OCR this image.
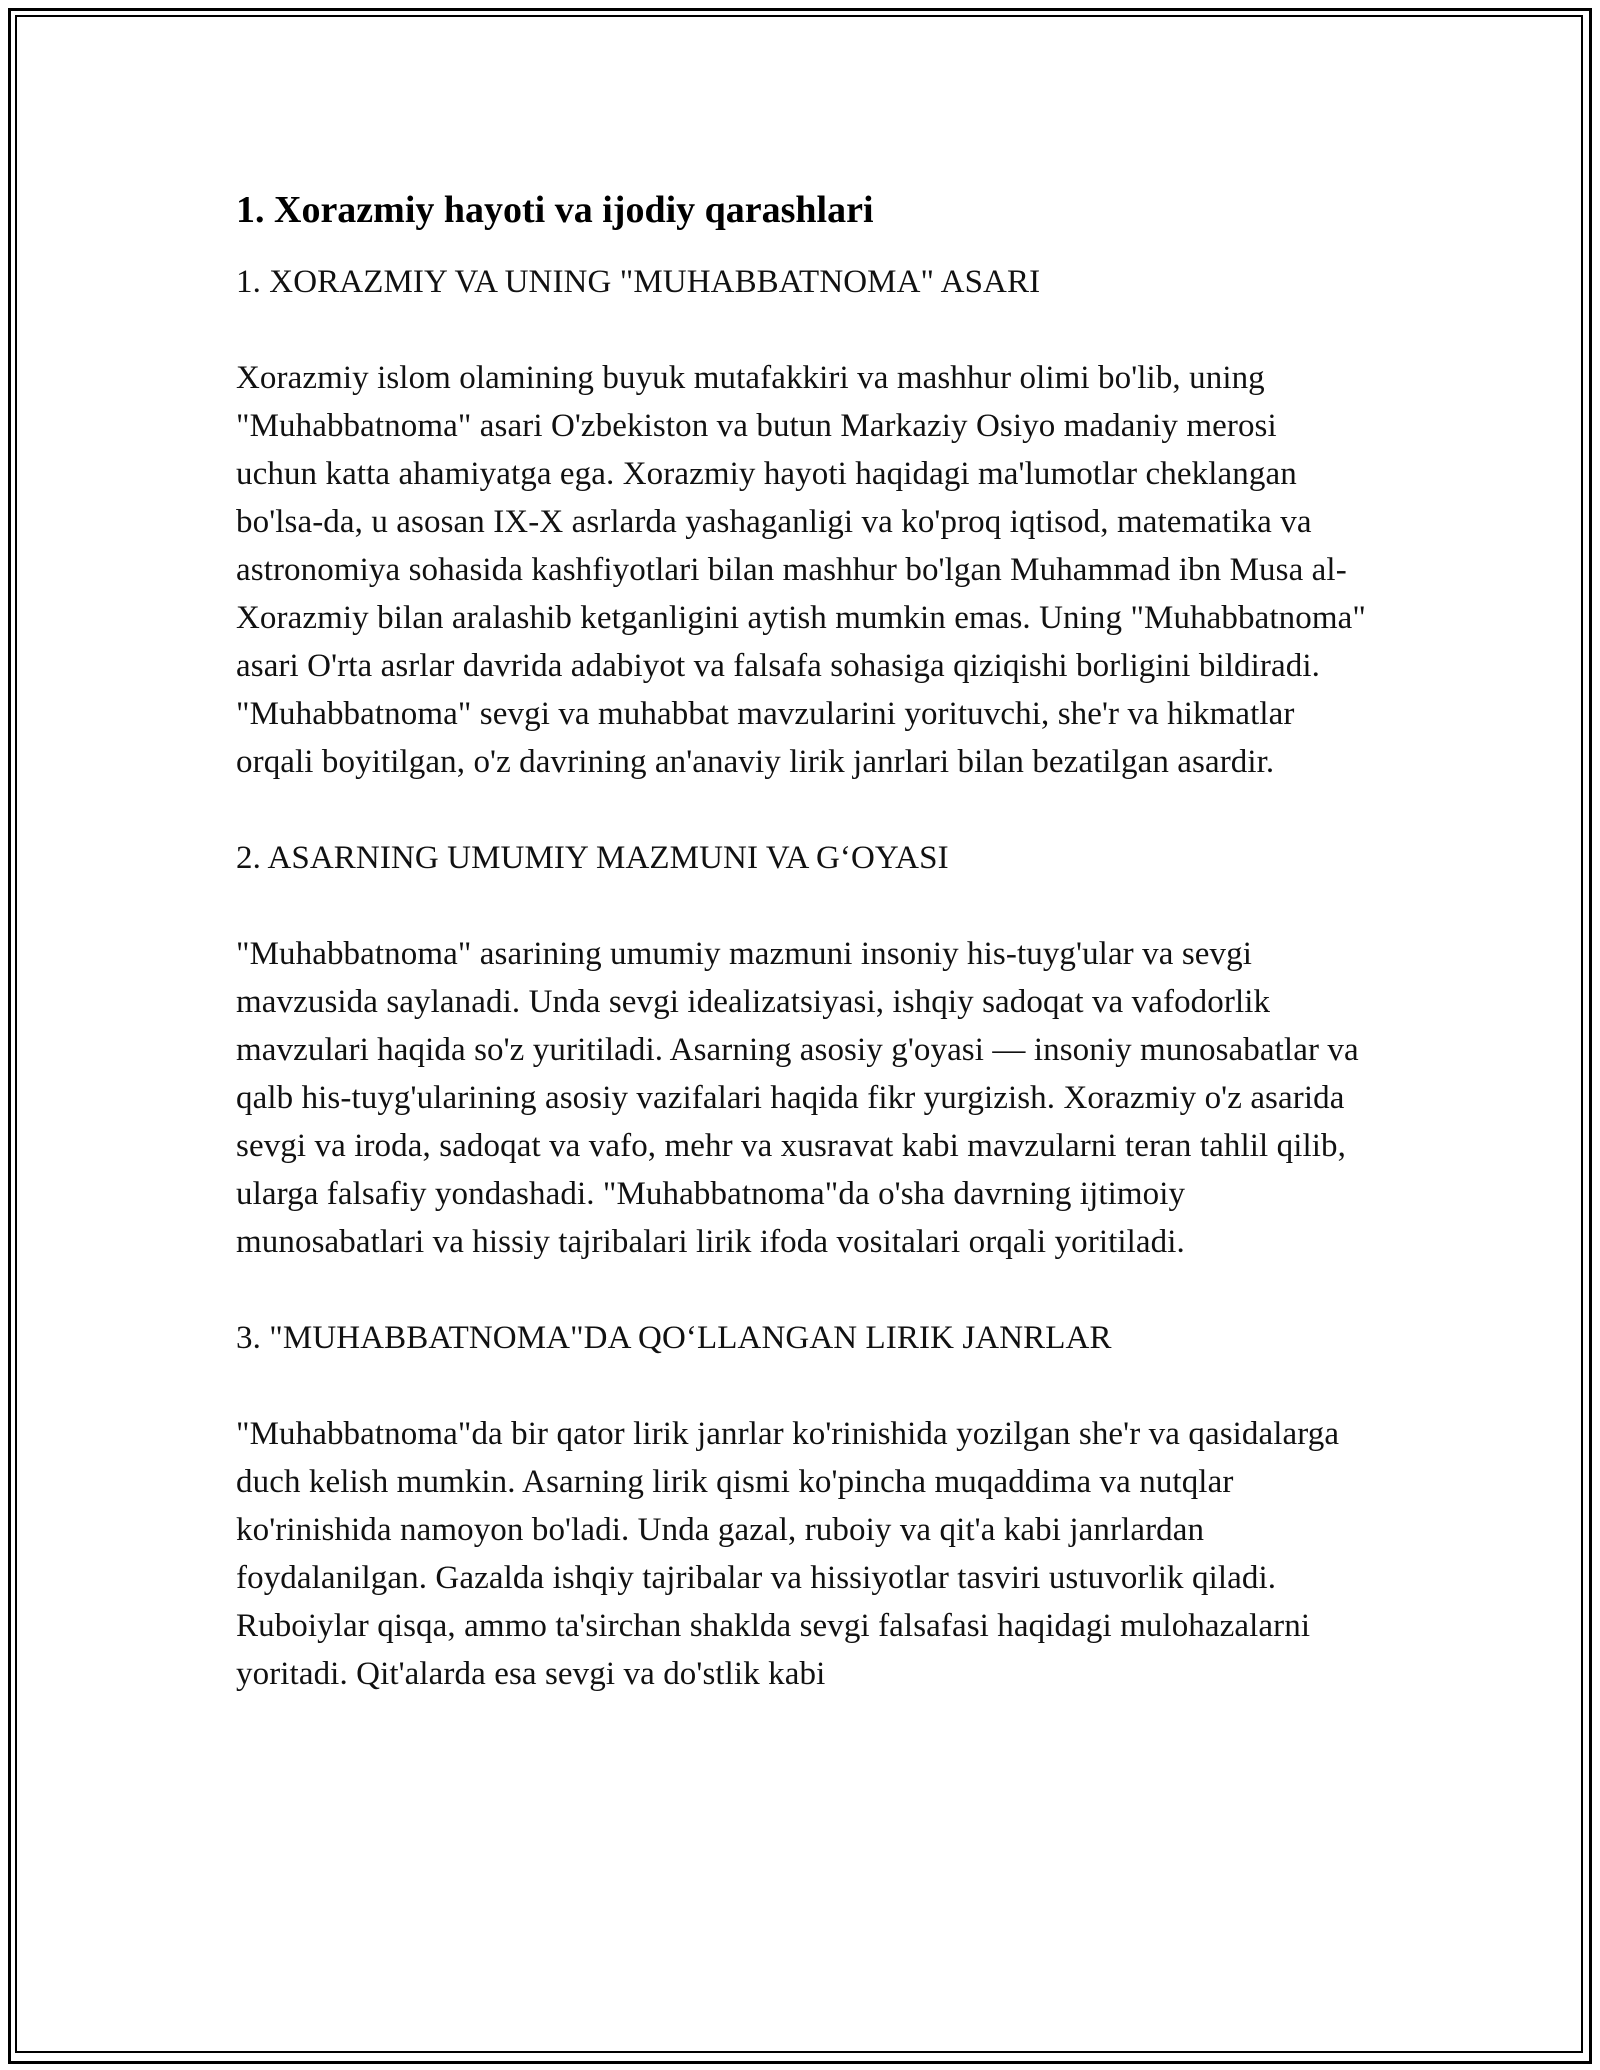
1. Xorazmiy hayoti va ijodiy qarashlari

1. XORAZMIY VA UNING "MUHABBATNOMA" ASARI

Xorazmiy islom olamining buyuk mutafakkiri va mashhur olimi bo'lib, uning "Muhabbatnoma" asari O'zbekiston va butun Markaziy Osiyo madaniy merosi uchun katta ahamiyatga ega. Xorazmiy hayoti haqidagi ma'lumotlar cheklangan bo'lsa-da, u asosan IX-X asrlarda yashaganligi va ko'proq iqtisod, matematika va astronomiya sohasida kashfiyotlari bilan mashhur bo'lgan Muhammad ibn Musa al-Xorazmiy bilan aralashib ketganligini aytish mumkin emas. Uning "Muhabbatnoma" asari O'rta asrlar davrida adabiyot va falsafa sohasiga qiziqishi borligini bildiradi. "Muhabbatnoma" sevgi va muhabbat mavzularini yorituvchi, she'r va hikmatlar orqali boyitilgan, o'z davrining an'anaviy lirik janrlari bilan bezatilgan asardir.

2. ASARNING UMUMIY MAZMUNI VA G‘OYASI

"Muhabbatnoma" asarining umumiy mazmuni insoniy his-tuyg'ular va sevgi mavzusida saylanadi. Unda sevgi idealizatsiyasi, ishqiy sadoqat va vafodorlik mavzulari haqida so'z yuritiladi. Asarning asosiy g'oyasi — insoniy munosabatlar va qalb his-tuyg'ularining asosiy vazifalari haqida fikr yurgizish. Xorazmiy o'z asarida sevgi va iroda, sadoqat va vafo, mehr va xusravat kabi mavzularni teran tahlil qilib, ularga falsafiy yondashadi. "Muhabbatnoma"da o'sha davrning ijtimoiy munosabatlari va hissiy tajribalari lirik ifoda vositalari orqali yoritiladi.

3. "MUHABBATNOMA"DA QO‘LLANGAN LIRIK JANRLAR

"Muhabbatnoma"da bir qator lirik janrlar ko'rinishida yozilgan she'r va qasidalarga duch kelish mumkin. Asarning lirik qismi ko'pincha muqaddima va nutqlar ko'rinishida namoyon bo'ladi. Unda gazal, ruboiy va qit'a kabi janrlardan foydalanilgan. Gazalda ishqiy tajribalar va hissiyotlar tasviri ustuvorlik qiladi. Ruboiylar qisqa, ammo ta'sirchan shaklda sevgi falsafasi haqidagi mulohazalarni yoritadi. Qit'alarda esa sevgi va do'stlik kabi
